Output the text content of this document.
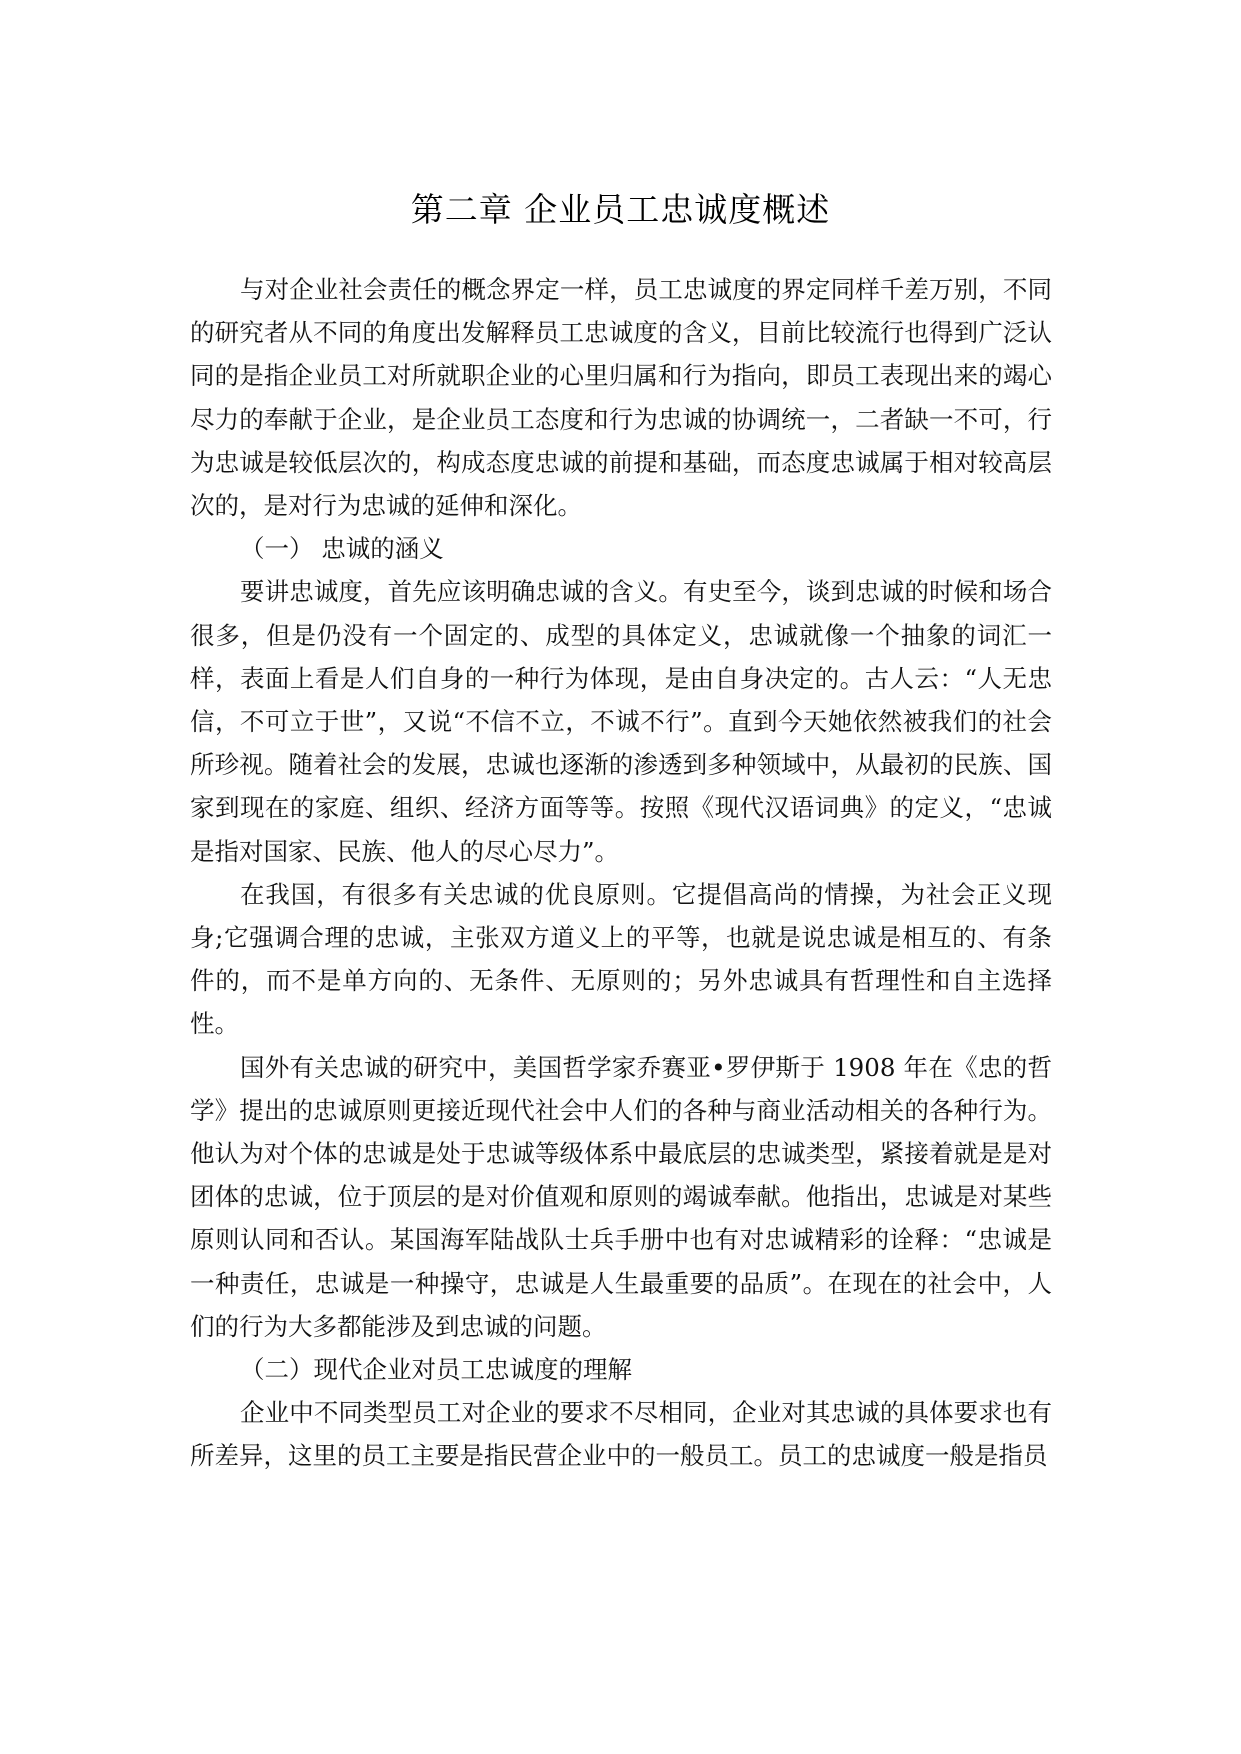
第二章 企业员工忠诚度概述

与对企业社会责任的概念界定一样，员工忠诚度的界定同样千差万别，不同的研究者从不同的角度出发解释员工忠诚度的含义，目前比较流行也得到广泛认同的是指企业员工对所就职企业的心里归属和行为指向，即员工表现出来的竭心尽力的奉献于企业，是企业员工态度和行为忠诚的协调统一，二者缺一不可，行为忠诚是较低层次的，构成态度忠诚的前提和基础，而态度忠诚属于相对较高层次的，是对行为忠诚的延伸和深化。

（一） 忠诚的涵义

要讲忠诚度，首先应该明确忠诚的含义。有史至今，谈到忠诚的时候和场合很多，但是仍没有一个固定的、成型的具体定义，忠诚就像一个抽象的词汇一样，表面上看是人们自身的一种行为体现，是由自身决定的。古人云：“人无忠信，不可立于世”，又说“不信不立，不诚不行”。直到今天她依然被我们的社会所珍视。随着社会的发展，忠诚也逐渐的渗透到多种领域中，从最初的民族、国家到现在的家庭、组织、经济方面等等。按照《现代汉语词典》的定义，“忠诚是指对国家、民族、他人的尽心尽力”。

在我国，有很多有关忠诚的优良原则。它提倡高尚的情操，为社会正义现身;它强调合理的忠诚，主张双方道义上的平等，也就是说忠诚是相互的、有条件的，而不是单方向的、无条件、无原则的；另外忠诚具有哲理性和自主选择性。

国外有关忠诚的研究中，美国哲学家乔赛亚•罗伊斯于 1908 年在《忠的哲学》提出的忠诚原则更接近现代社会中人们的各种与商业活动相关的各种行为。他认为对个体的忠诚是处于忠诚等级体系中最底层的忠诚类型，紧接着就是是对团体的忠诚，位于顶层的是对价值观和原则的竭诚奉献。他指出，忠诚是对某些原则认同和否认。某国海军陆战队士兵手册中也有对忠诚精彩的诠释：“忠诚是一种责任，忠诚是一种操守，忠诚是人生最重要的品质”。在现在的社会中，人们的行为大多都能涉及到忠诚的问题。

（二）现代企业对员工忠诚度的理解

企业中不同类型员工对企业的要求不尽相同，企业对其忠诚的具体要求也有所差异，这里的员工主要是指民营企业中的一般员工。员工的忠诚度一般是指员
